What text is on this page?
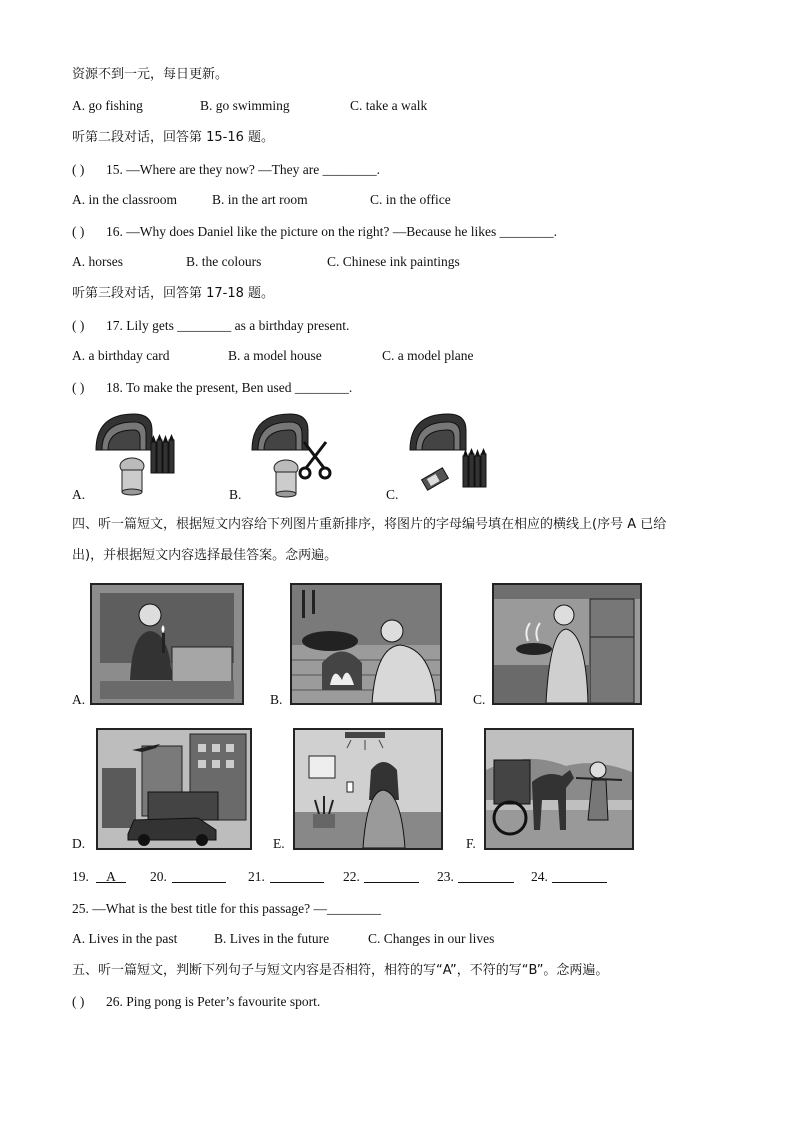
资源不到一元，每日更新。
A. go fishing	B. go swimming	C. take a walk
听第二段对话，回答第 15-16 题。
( ) 15. —Where are they now? —They are ________.
A. in the classroom	B. in the art room	C. in the office
( ) 16. —Why does Daniel like the picture on the right? —Because he likes ________.
A. horses	B. the colours	C. Chinese ink paintings
听第三段对话，回答第 17-18 题。
( ) 17. Lily gets ________ as a birthday present.
A. a birthday card	B. a model house	C. a model plane
( ) 18. To make the present, Ben used ________.
A.	B.	C.
四、听一篇短文，根据短文内容给下列图片重新排序，将图片的字母编号填在相应的横线上(序号 A 已给
出)，并根据短文内容选择最佳答案。念两遍。
A.	B.	C.
D.	E.	F.
19.	A	20.	21.	22.	23.	24.
25. —What is the best title for this passage? —________
A. Lives in the past	B. Lives in the future	C. Changes in our lives
五、听一篇短文，判断下列句子与短文内容是否相符，相符的写“A”，不符的写“B”。念两遍。
( ) 26. Ping pong is Peter’s favourite sport.
